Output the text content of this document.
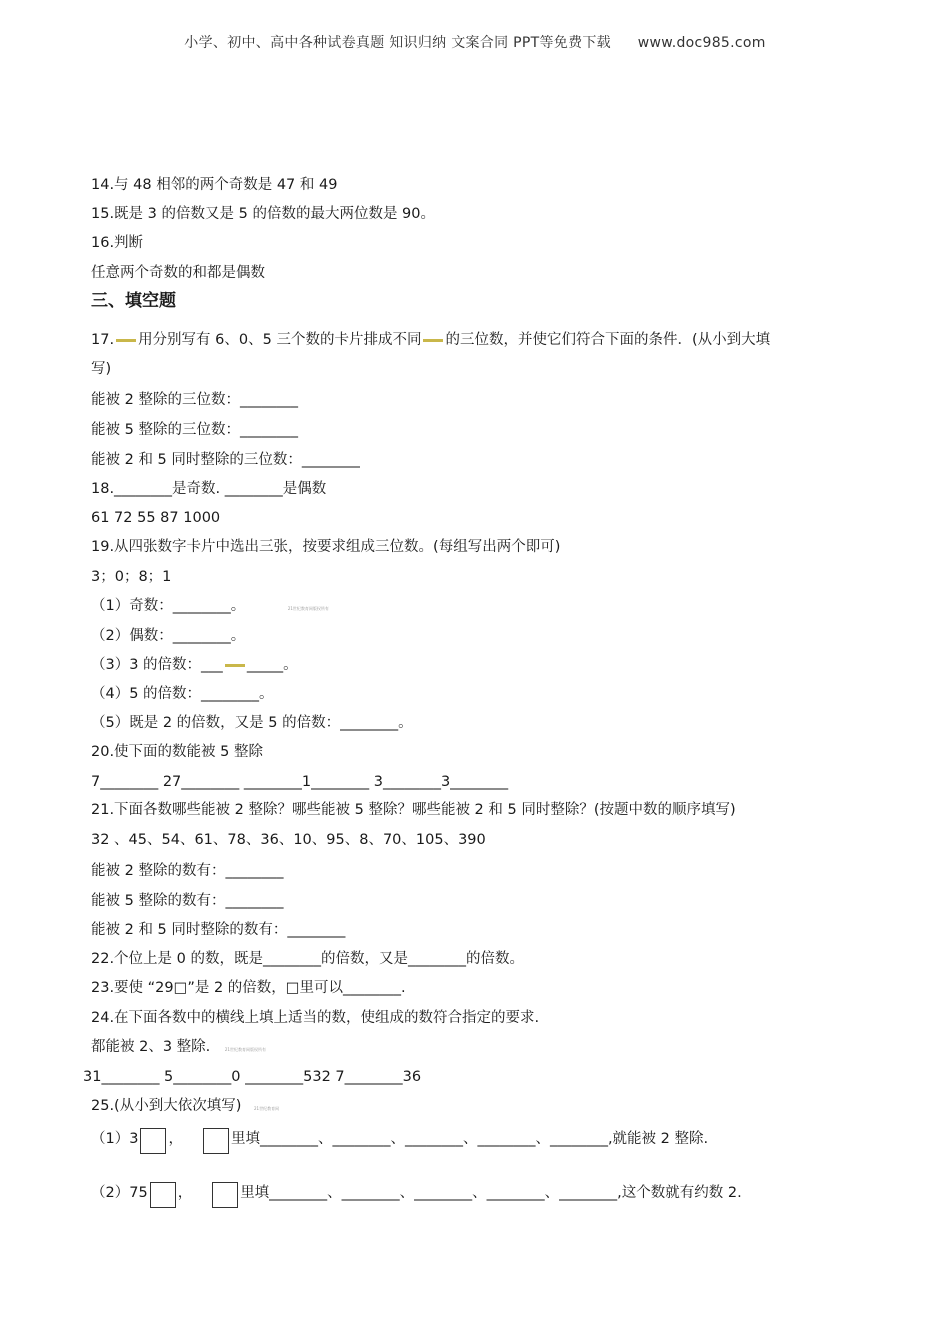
小学、初中、高中各种试卷真题 知识归纳 文案合同 PPT等免费下载 www.doc985.com
14.与 48 相邻的两个奇数是 47 和 49
15.既是 3 的倍数又是 5 的倍数的最大两位数是 90。
16.判断
任意两个奇数的和都是偶数
三、填空题
17. 用分别写有 6、0、5 三个数的卡片排成不同 的三位数，并使它们符合下面的条件．(从小到大填
写)
能被 2 整除的三位数：________
能被 5 整除的三位数：________
能被 2 和 5 同时整除的三位数：________
18.________是奇数. ________是偶数
61 72 55 87 1000
19.从四张数字卡片中选出三张，按要求组成三位数。(每组写出两个即可)
3；0；8；1
（1）奇数：________。	21世纪教育网版权所有
（2）偶数：________。
（3）3 的倍数：___ _____。
（4）5 的倍数：________。
（5）既是 2 的倍数，又是 5 的倍数：________。
20.使下面的数能被 5 整除
7________ 27________ ________1________ 3________3________
21.下面各数哪些能被 2 整除？哪些能被 5 整除？哪些能被 2 和 5 同时整除？(按题中数的顺序填写)
32 、45、54、61、78、36、10、95、8、70、105、390
能被 2 整除的数有：________
能被 5 整除的数有：________
能被 2 和 5 同时整除的数有：________
22.个位上是 0 的数，既是________的倍数，又是________的倍数。
23.要使 “29□”是 2 的倍数，□里可以________.
24.在下面各数中的横线上填上适当的数，使组成的数符合指定的要求.
都能被 2、3 整除.	21世纪教育网版权所有
31________ 5________0 ________532 7________36
25.(从小到大依次填写)	21世纪教育网
（1）3 ，	里填________、________、________、________、________,就能被 2 整除.
（2）75 ，	里填________、________、________、________、________,这个数就有约数 2.
